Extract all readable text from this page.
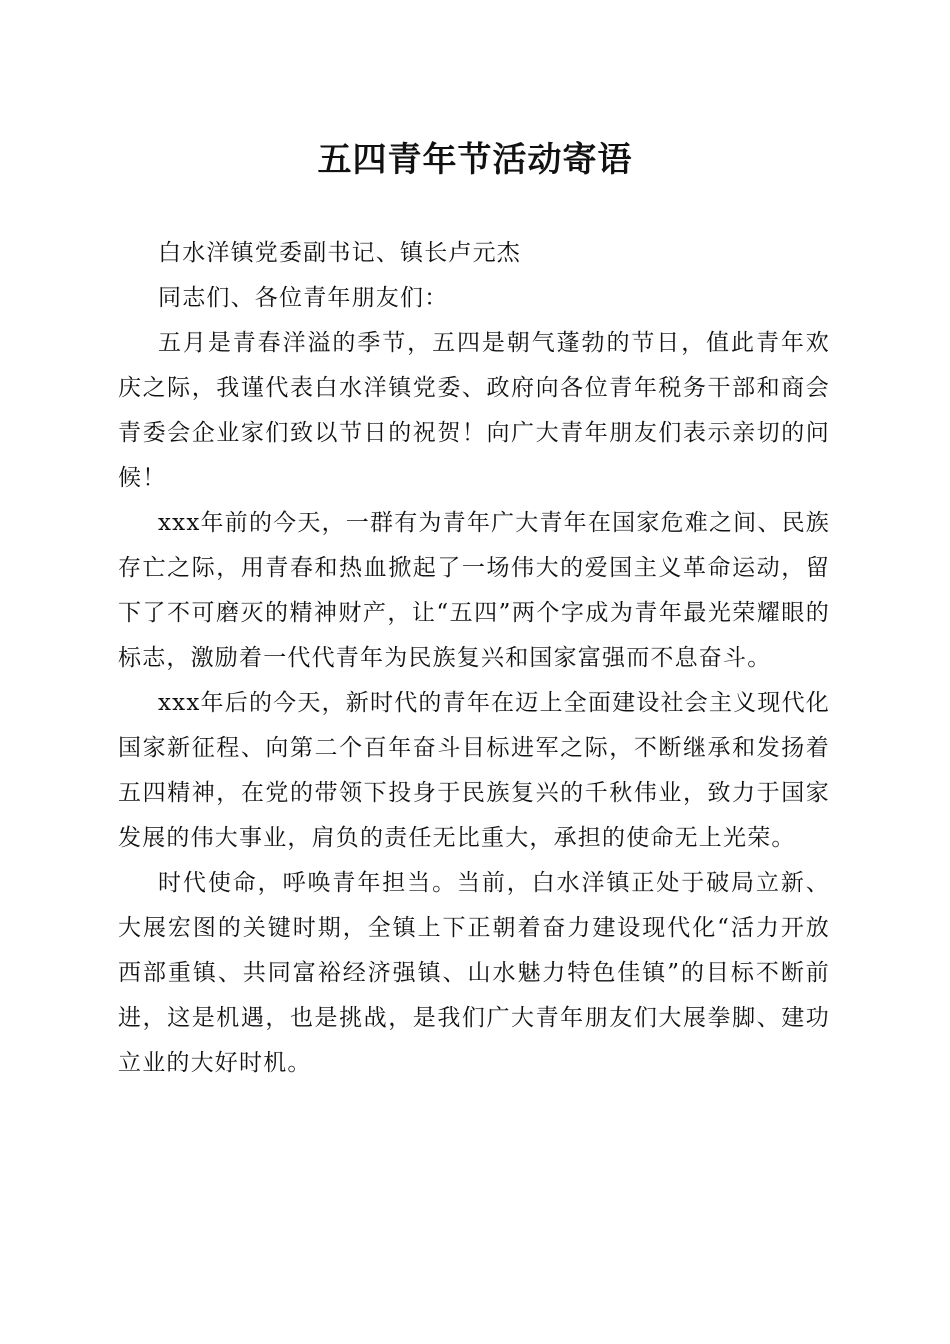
五四青年节活动寄语

白水洋镇党委副书记、镇长卢元杰

同志们、各位青年朋友们：

五月是青春洋溢的季节，五四是朝气蓬勃的节日，值此青年欢庆之际，我谨代表白水洋镇党委、政府向各位青年税务干部和商会青委会企业家们致以节日的祝贺！向广大青年朋友们表示亲切的问候！

xxx年前的今天，一群有为青年广大青年在国家危难之间、民族存亡之际，用青春和热血掀起了一场伟大的爱国主义革命运动，留下了不可磨灭的精神财产，让“五四”两个字成为青年最光荣耀眼的标志，激励着一代代青年为民族复兴和国家富强而不息奋斗。

xxx年后的今天，新时代的青年在迈上全面建设社会主义现代化国家新征程、向第二个百年奋斗目标进军之际，不断继承和发扬着五四精神，在党的带领下投身于民族复兴的千秋伟业，致力于国家发展的伟大事业，肩负的责任无比重大，承担的使命无上光荣。

时代使命，呼唤青年担当。当前，白水洋镇正处于破局立新、大展宏图的关键时期，全镇上下正朝着奋力建设现代化“活力开放西部重镇、共同富裕经济强镇、山水魅力特色佳镇”的目标不断前进，这是机遇，也是挑战，是我们广大青年朋友们大展拳脚、建功立业的大好时机。
